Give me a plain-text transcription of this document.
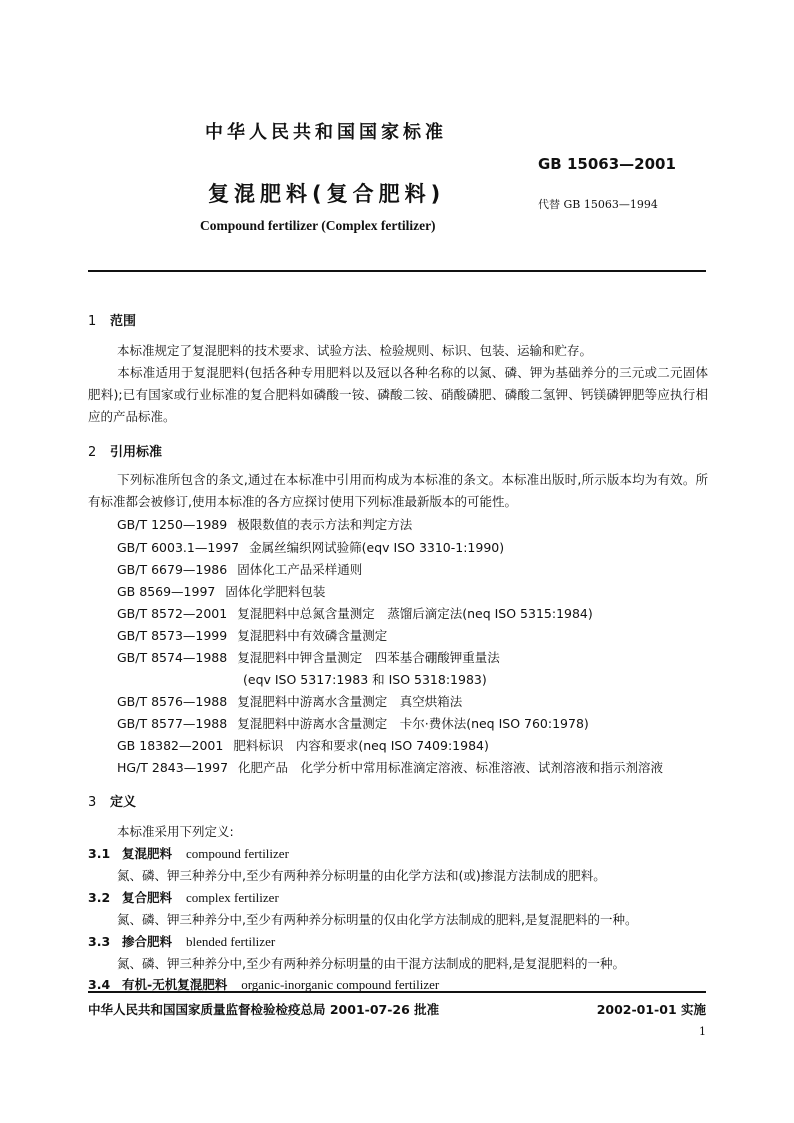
中华人民共和国国家标准
GB 15063—2001
复混肥料(复合肥料)	代替 GB 15063—1994
Compound fertilizer (Complex fertilizer)
1 范围
本标准规定了复混肥料的技术要求、试验方法、检验规则、标识、包装、运输和贮存。
本标准适用于复混肥料(包括各种专用肥料以及冠以各种名称的以氮、磷、钾为基础养分的三元或二元固体肥料);已有国家或行业标准的复合肥料如磷酸一铵、磷酸二铵、硝酸磷肥、磷酸二氢钾、钙镁磷钾肥等应执行相应的产品标准。
2 引用标准
下列标准所包含的条文,通过在本标准中引用而构成为本标准的条文。本标准出版时,所示版本均为有效。所有标准都会被修订,使用本标准的各方应探讨使用下列标准最新版本的可能性。
GB/T 1250—1989 极限数值的表示方法和判定方法
GB/T 6003.1—1997 金属丝编织网试验筛(eqv ISO 3310-1:1990)
GB/T 6679—1986 固体化工产品采样通则
GB 8569—1997 固体化学肥料包装
GB/T 8572—2001 复混肥料中总氮含量测定　蒸馏后滴定法(neq ISO 5315:1984)
GB/T 8573—1999 复混肥料中有效磷含量测定
GB/T 8574—1988 复混肥料中钾含量测定　四苯基合硼酸钾重量法
(eqv ISO 5317:1983 和 ISO 5318:1983)
GB/T 8576—1988 复混肥料中游离水含量测定　真空烘箱法
GB/T 8577—1988 复混肥料中游离水含量测定　卡尔·费休法(neq ISO 760:1978)
GB 18382—2001 肥料标识　内容和要求(neq ISO 7409:1984)
HG/T 2843—1997 化肥产品　化学分析中常用标准滴定溶液、标准溶液、试剂溶液和指示剂溶液
3 定义
本标准采用下列定义:
3.1 复混肥料 compound fertilizer
氮、磷、钾三种养分中,至少有两种养分标明量的由化学方法和(或)掺混方法制成的肥料。
3.2 复合肥料 complex fertilizer
氮、磷、钾三种养分中,至少有两种养分标明量的仅由化学方法制成的肥料,是复混肥料的一种。
3.3 掺合肥料 blended fertilizer
氮、磷、钾三种养分中,至少有两种养分标明量的由干混方法制成的肥料,是复混肥料的一种。
3.4 有机-无机复混肥料 organic-inorganic compound fertilizer
中华人民共和国国家质量监督检验检疫总局 2001-07-26 批准	2002-01-01 实施
1
